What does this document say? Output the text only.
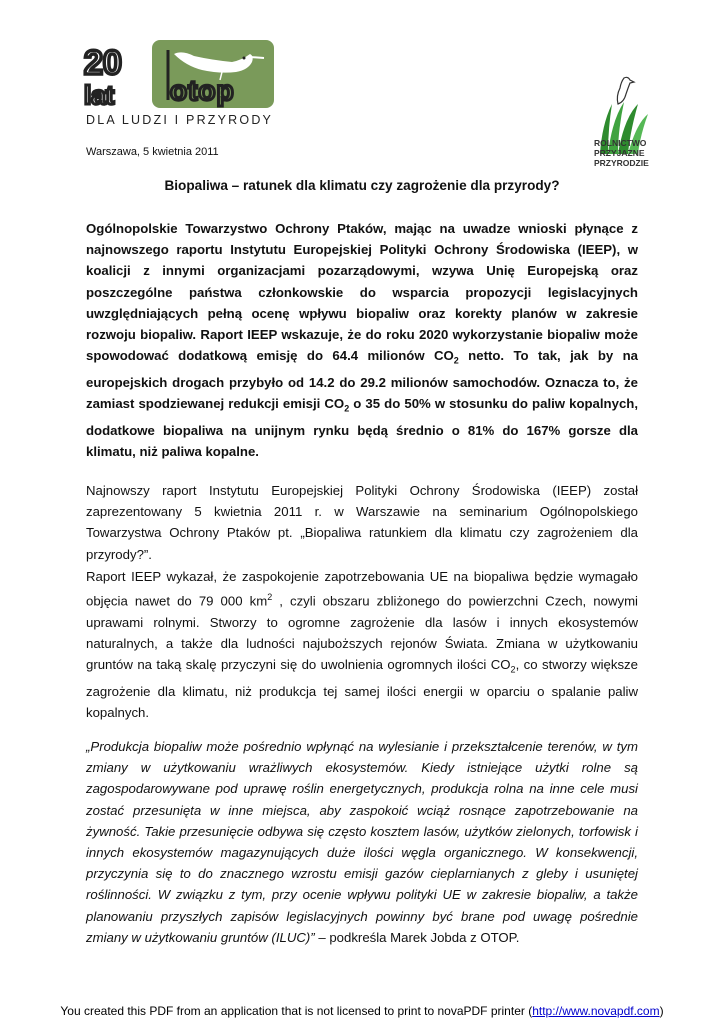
20
lat otop
DLA LUDZI I PRZYRODY
ROLNICTWO
PRZYJAZNE
PRZYRODZIE
Warszawa, 5 kwietnia 2011
Biopaliwa – ratunek dla klimatu czy zagrożenie dla przyrody?

Ogólnopolskie Towarzystwo Ochrony Ptaków, mając na uwadze wnioski płynące z najnowszego raportu Instytutu Europejskiej Polityki Ochrony Środowiska (IEEP), w koalicji z innymi organizacjami pozarządowymi, wzywa Unię Europejską oraz poszczególne państwa członkowskie do wsparcia propozycji legislacyjnych uwzględniających pełną ocenę wpływu biopaliw oraz korekty planów w zakresie rozwoju biopaliw. Raport IEEP wskazuje, że do roku 2020 wykorzystanie biopaliw może spowodować dodatkową emisję do 64.4 milionów $CO_2$ netto. To tak, jak by na europejskich drogach przybyło od 14.2 do 29.2 milionów samochodów. Oznacza to, że zamiast spodziewanej redukcji emisji $CO_2$ o 35 do 50% w stosunku do paliw kopalnych, dodatkowe biopaliwa na unijnym rynku będą średnio o 81% do 167% gorsze dla klimatu, niż paliwa kopalne.

Najnowszy raport Instytutu Europejskiej Polityki Ochrony Środowiska (IEEP) został zaprezentowany 5 kwietnia 2011 r. w Warszawie na seminarium Ogólnopolskiego Towarzystwa Ochrony Ptaków pt. „Biopaliwa ratunkiem dla klimatu czy zagrożeniem dla przyrody?”.

Raport IEEP wykazał, że zaspokojenie zapotrzebowania UE na biopaliwa będzie wymagało objęcia nawet do 79 000 $km^2$ , czyli obszaru zbliżonego do powierzchni Czech, nowymi uprawami rolnymi. Stworzy to ogromne zagrożenie dla lasów i innych ekosystemów naturalnych, a także dla ludności najuboższych rejonów Świata. Zmiana w użytkowaniu gruntów na taką skalę przyczyni się do uwolnienia ogromnych ilości $CO_2$, co stworzy większe zagrożenie dla klimatu, niż produkcja tej samej ilości energii w oparciu o spalanie paliw kopalnych.

„Produkcja biopaliw może pośrednio wpłynąć na wylesianie i przekształcenie terenów, w tym zmiany w użytkowaniu wrażliwych ekosystemów. Kiedy istniejące użytki rolne są zagospodarowywane pod uprawę roślin energetycznych, produkcja rolna na inne cele musi zostać przesunięta w inne miejsca, aby zaspokoić wciąż rosnące zapotrzebowanie na żywność. Takie przesunięcie odbywa się często kosztem lasów, użytków zielonych, torfowisk i innych ekosystemów magazynujących duże ilości węgla organicznego. W konsekwencji, przyczynia się to do znacznego wzrostu emisji gazów cieplarnianych z gleby i usuniętej roślinności. W związku z tym, przy ocenie wpływu polityki UE w zakresie biopaliw, a także planowaniu przyszłych zapisów legislacyjnych powinny być brane pod uwagę pośrednie zmiany w użytkowaniu gruntów (ILUC)” – podkreśla Marek Jobda z OTOP.

You created this PDF from an application that is not licensed to print to novaPDF printer (http://www.novapdf.com)
